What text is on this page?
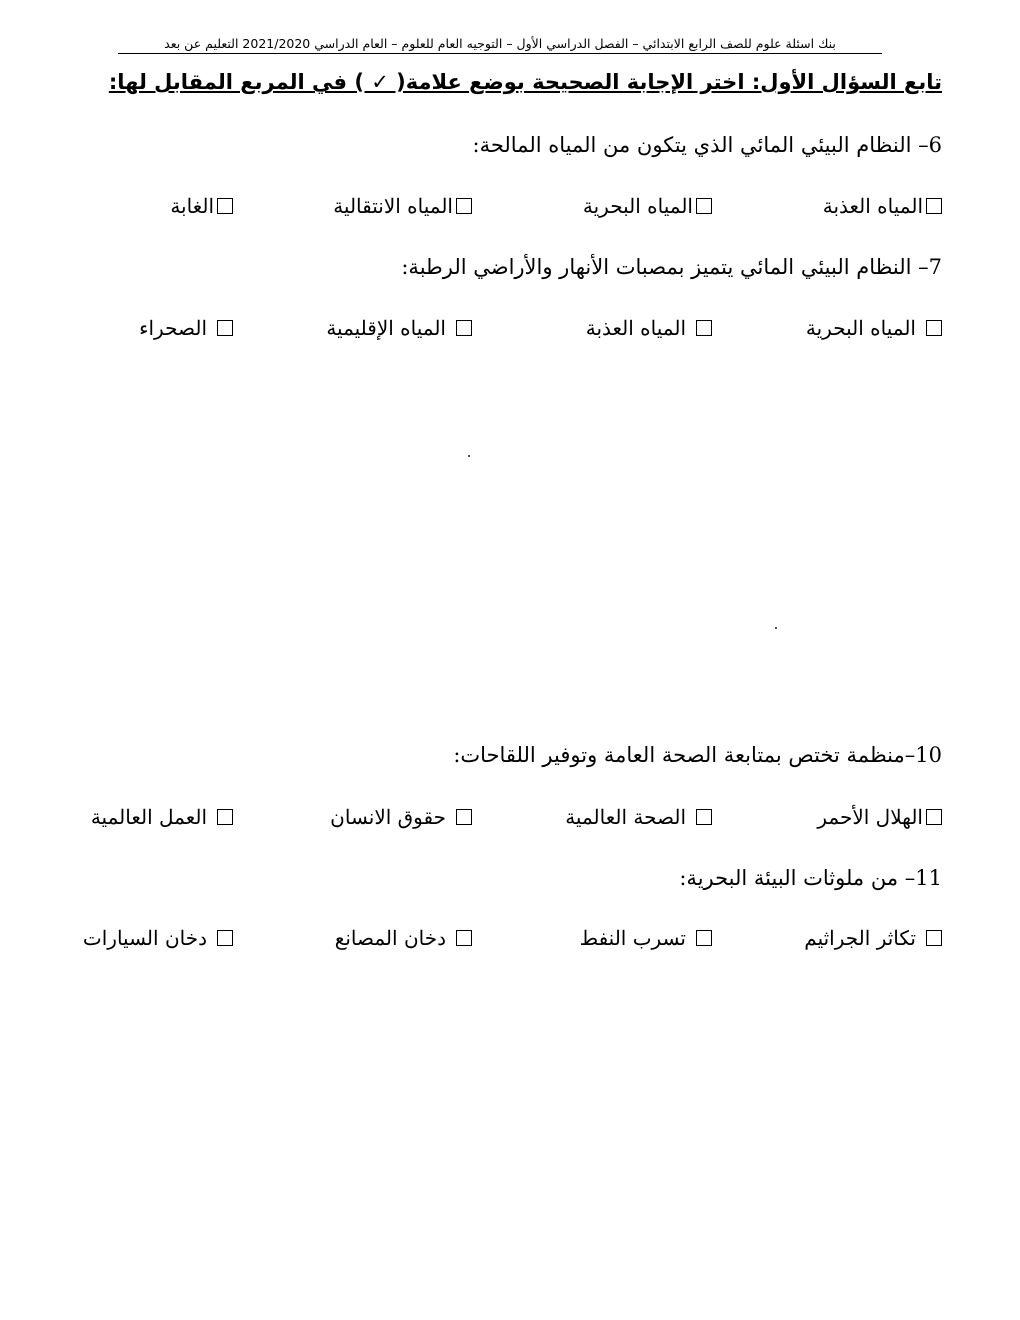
بنك اسئلة علوم للصف الرابع الابتدائي – الفصل الدراسي الأول – التوجيه العام للعلوم – العام الدراسي 2021/2020 التعليم عن بعد
تابع السؤال الأول: اختر الإجابة الصحيحة بوضع علامة( ✓ ) في المربع المقابل لها:
6– النظام البيئي المائي الذي يتكون من المياه المالحة:
المياه العذبة
المياه البحرية
المياه الانتقالية
الغابة
7– النظام البيئي المائي يتميز بمصبات الأنهار والأراضي الرطبة:
المياه البحرية
المياه العذبة
المياه الإقليمية
الصحراء
10–منظمة تختص بمتابعة الصحة العامة وتوفير اللقاحات:
الهلال الأحمر
الصحة العالمية
حقوق الانسان
العمل العالمية
11– من ملوثات البيئة البحرية:
تكاثر الجراثيم
تسرب النفط
دخان المصانع
دخان السيارات
